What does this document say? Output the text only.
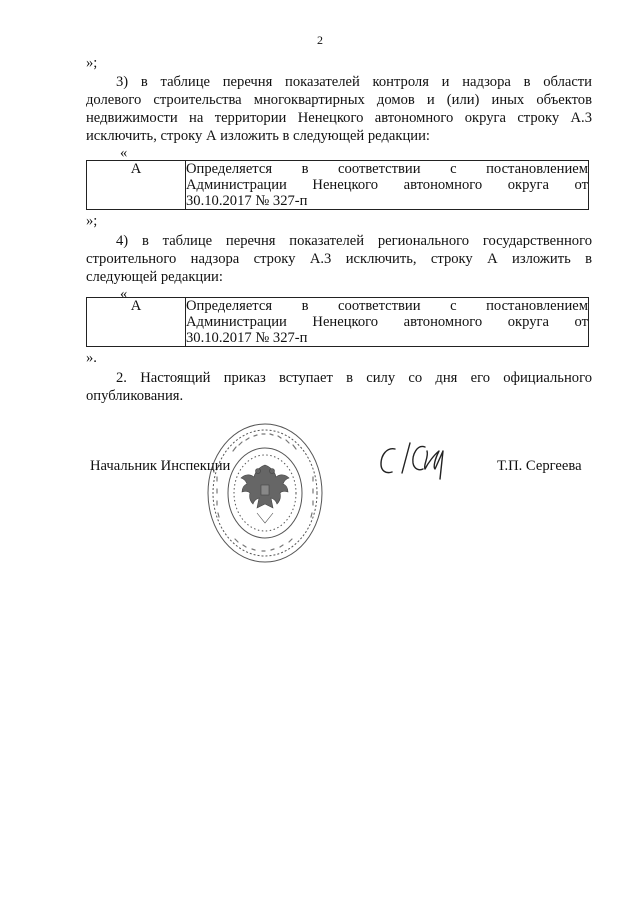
2
»;
3) в таблице перечня показателей контроля и надзора в области
долевого строительства многоквартирных домов и (или) иных объектов
недвижимости на территории Ненецкого автономного округа строку А.3
исключить, строку А изложить в следующей редакции:
«
А	Определяется в соответствии с постановлением
Администрации Ненецкого автономного округа от
30.10.2017 № 327-п
»;
4) в таблице перечня показателей регионального государственного
строительного надзора строку А.3 исключить, строку А изложить в
следующей редакции:
«
А	Определяется в соответствии с постановлением
Администрации Ненецкого автономного округа от
30.10.2017 № 327-п
».
2. Настоящий приказ вступает в силу со дня его официального
опубликования.
Начальник Инспекции	Т.П. Сергеева
